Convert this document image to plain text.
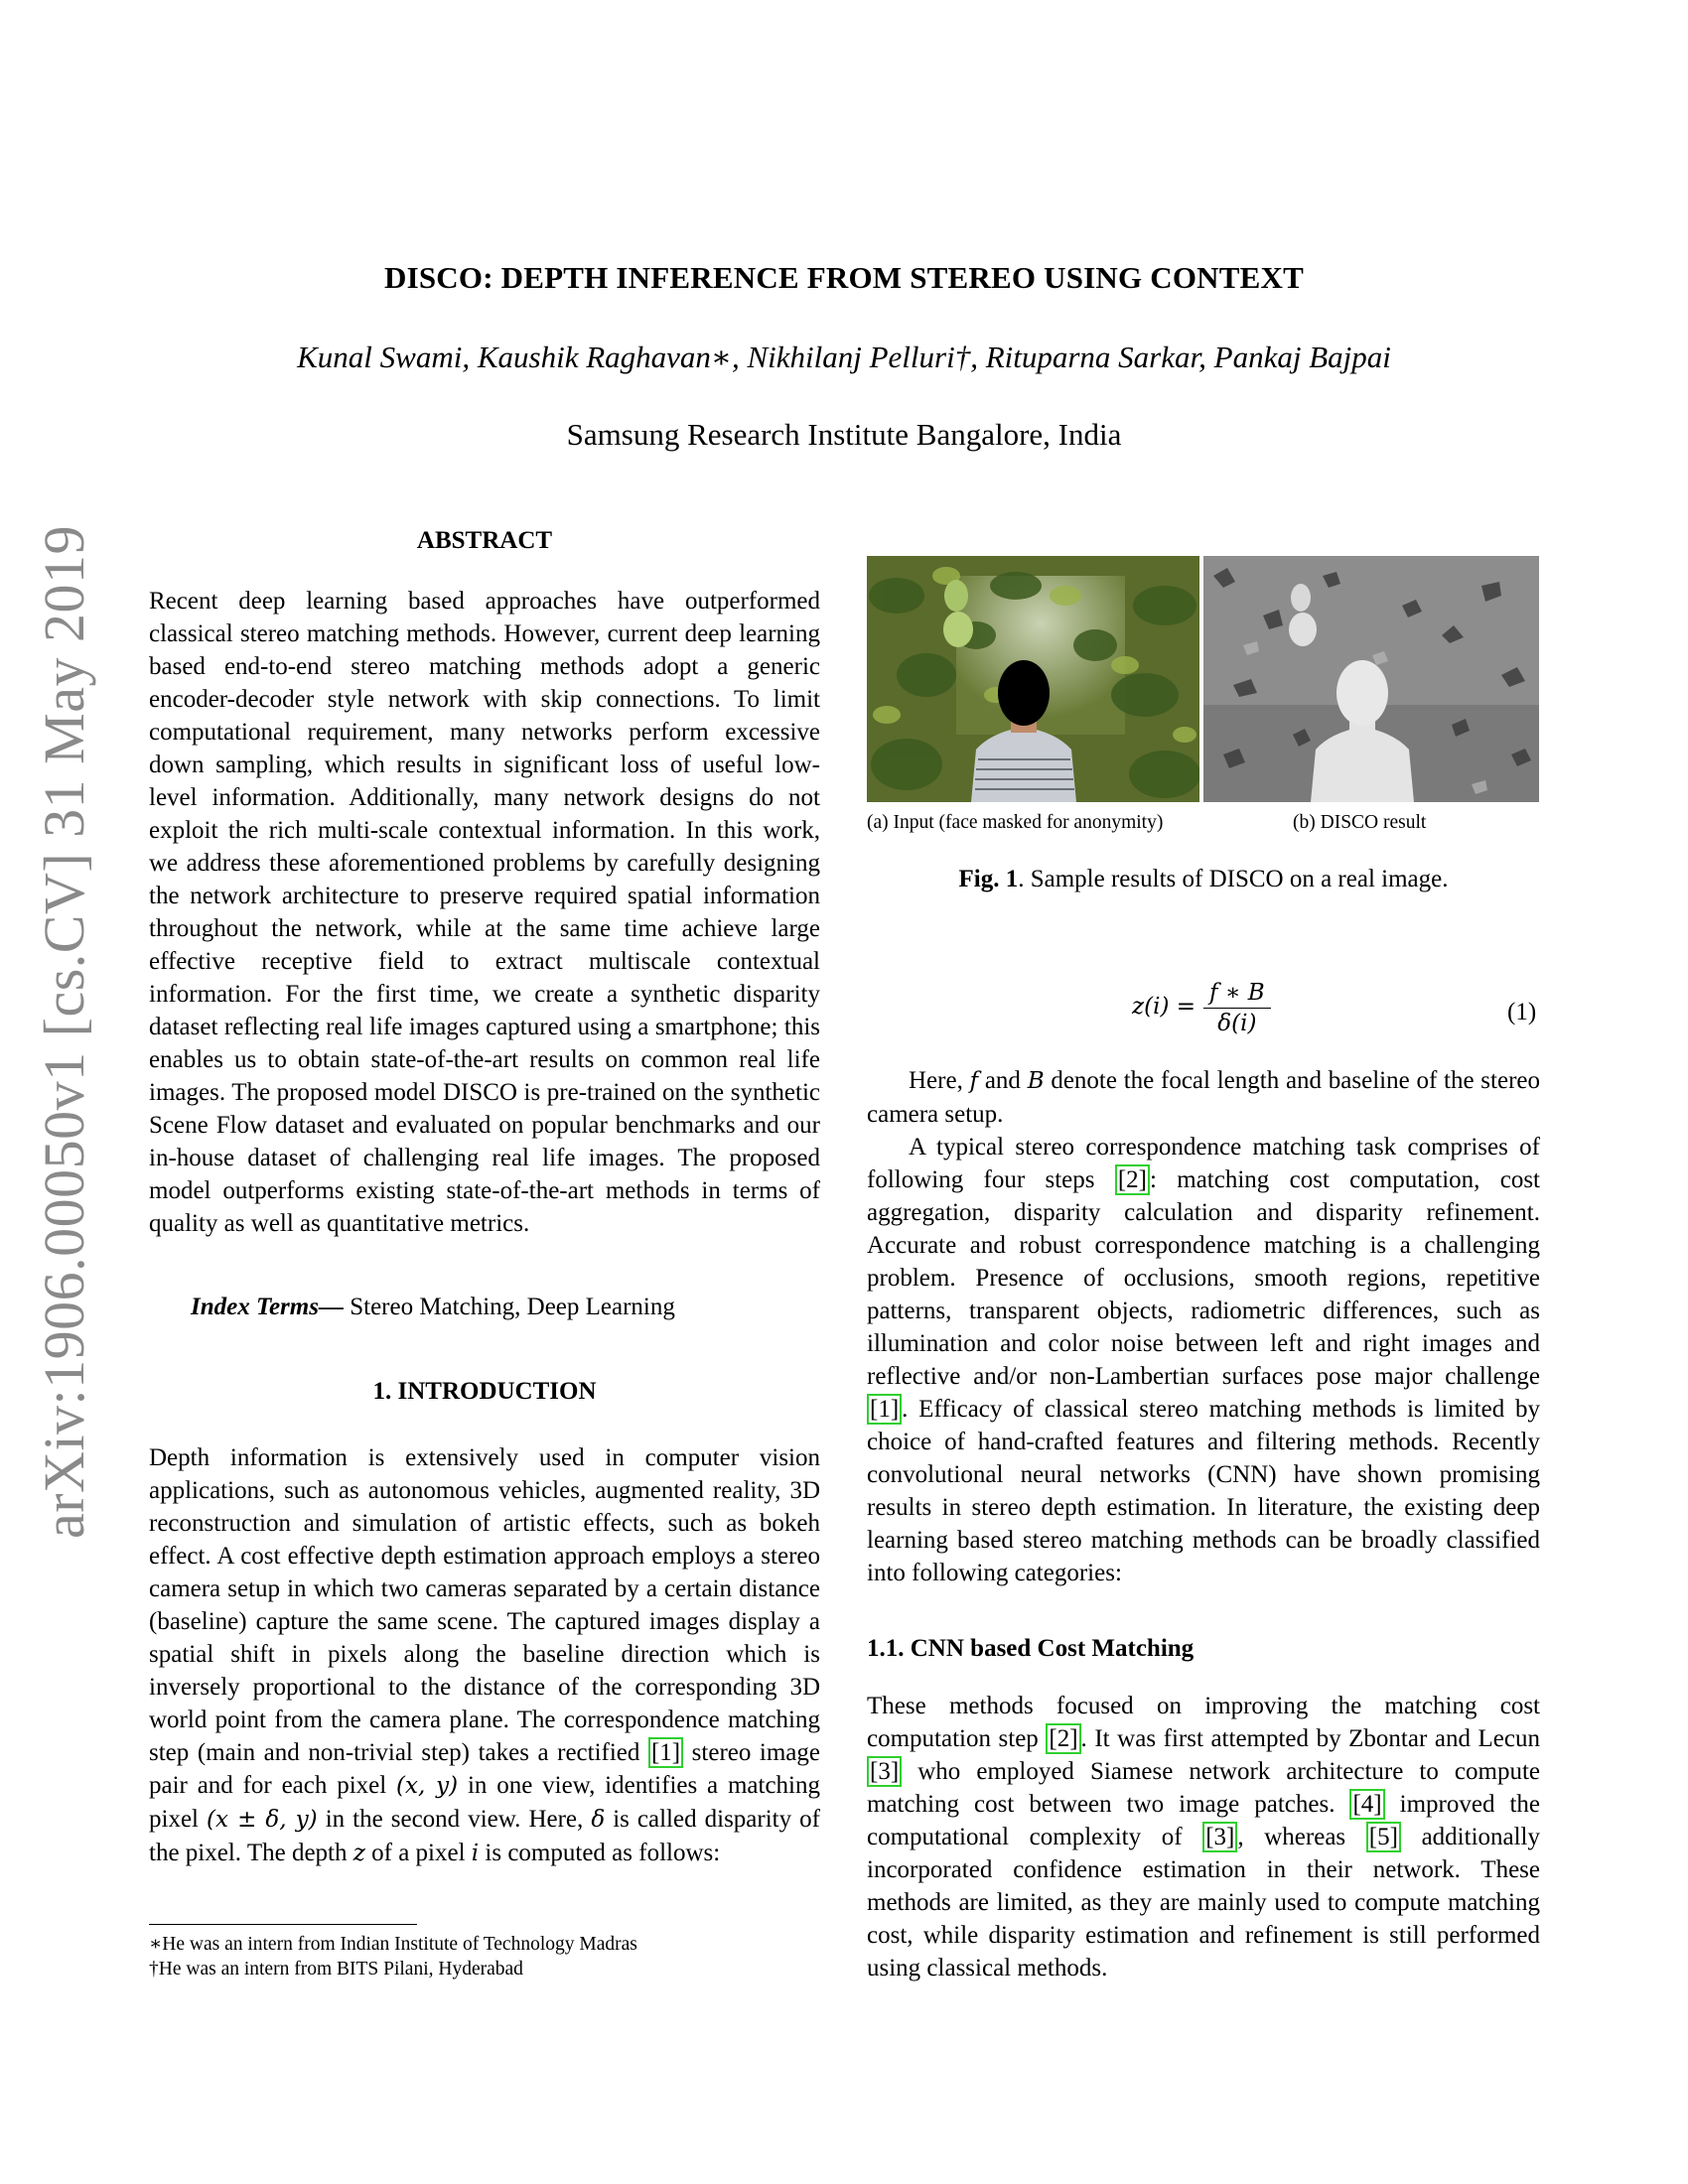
arXiv:1906.00050v1 [cs.CV] 31 May 2019
DISCO: DEPTH INFERENCE FROM STEREO USING CONTEXT
Kunal Swami, Kaushik Raghavan∗, Nikhilanj Pelluri†, Rituparna Sarkar, Pankaj Bajpai
Samsung Research Institute Bangalore, India
ABSTRACT

Recent deep learning based approaches have outperformed classical stereo matching methods. However, current deep learning based end-to-end stereo matching methods adopt a generic encoder-decoder style network with skip connections. To limit computational requirement, many networks perform excessive down sampling, which results in significant loss of useful low-level information. Additionally, many network designs do not exploit the rich multi-scale contextual information. In this work, we address these aforementioned problems by carefully designing the network architecture to preserve required spatial information throughout the network, while at the same time achieve large effective receptive field to extract multiscale contextual information. For the first time, we create a synthetic disparity dataset reflecting real life images captured using a smartphone; this enables us to obtain state-of-the-art results on common real life images. The proposed model DISCO is pre-trained on the synthetic Scene Flow dataset and evaluated on popular benchmarks and our in-house dataset of challenging real life images. The proposed model outperforms existing state-of-the-art methods in terms of quality as well as quantitative metrics.

Index Terms— Stereo Matching, Deep Learning

1. INTRODUCTION

Depth information is extensively used in computer vision applications, such as autonomous vehicles, augmented reality, 3D reconstruction and simulation of artistic effects, such as bokeh effect. A cost effective depth estimation approach employs a stereo camera setup in which two cameras separated by a certain distance (baseline) capture the same scene. The captured images display a spatial shift in pixels along the baseline direction which is inversely proportional to the distance of the corresponding 3D world point from the camera plane. The correspondence matching step (main and non-trivial step) takes a rectified [1] stereo image pair and for each pixel (x, y) in one view, identifies a matching pixel (x ± δ, y) in the second view. Here, δ is called disparity of the pixel. The depth z of a pixel i is computed as follows:

∗He was an intern from Indian Institute of Technology Madras
†He was an intern from BITS Pilani, Hyderabad
(a) Input (face masked for anonymity)	(b) DISCO result
Fig. 1. Sample results of DISCO on a real image.
$z(i) = \frac{f ∗ B}{\delta(i)}$	(1)

Here, f and B denote the focal length and baseline of the stereo camera setup.

A typical stereo correspondence matching task comprises of following four steps [2] : matching cost computation, cost aggregation, disparity calculation and disparity refinement. Accurate and robust correspondence matching is a challenging problem. Presence of occlusions, smooth regions, repetitive patterns, transparent objects, radiometric differences, such as illumination and color noise between left and right images and reflective and/or non-Lambertian surfaces pose major challenge [1] . Efficacy of classical stereo matching methods is limited by choice of hand-crafted features and filtering methods. Recently convolutional neural networks (CNN) have shown promising results in stereo depth estimation. In literature, the existing deep learning based stereo matching methods can be broadly classified into following categories:

1.1. CNN based Cost Matching

These methods focused on improving the matching cost computation step [2] . It was first attempted by Zbontar and Lecun [3] who employed Siamese network architecture to compute matching cost between two image patches. [4] improved the computational complexity of [3] , whereas [5] additionally incorporated confidence estimation in their network. These methods are limited, as they are mainly used to compute matching cost, while disparity estimation and refinement is still performed using classical methods.
